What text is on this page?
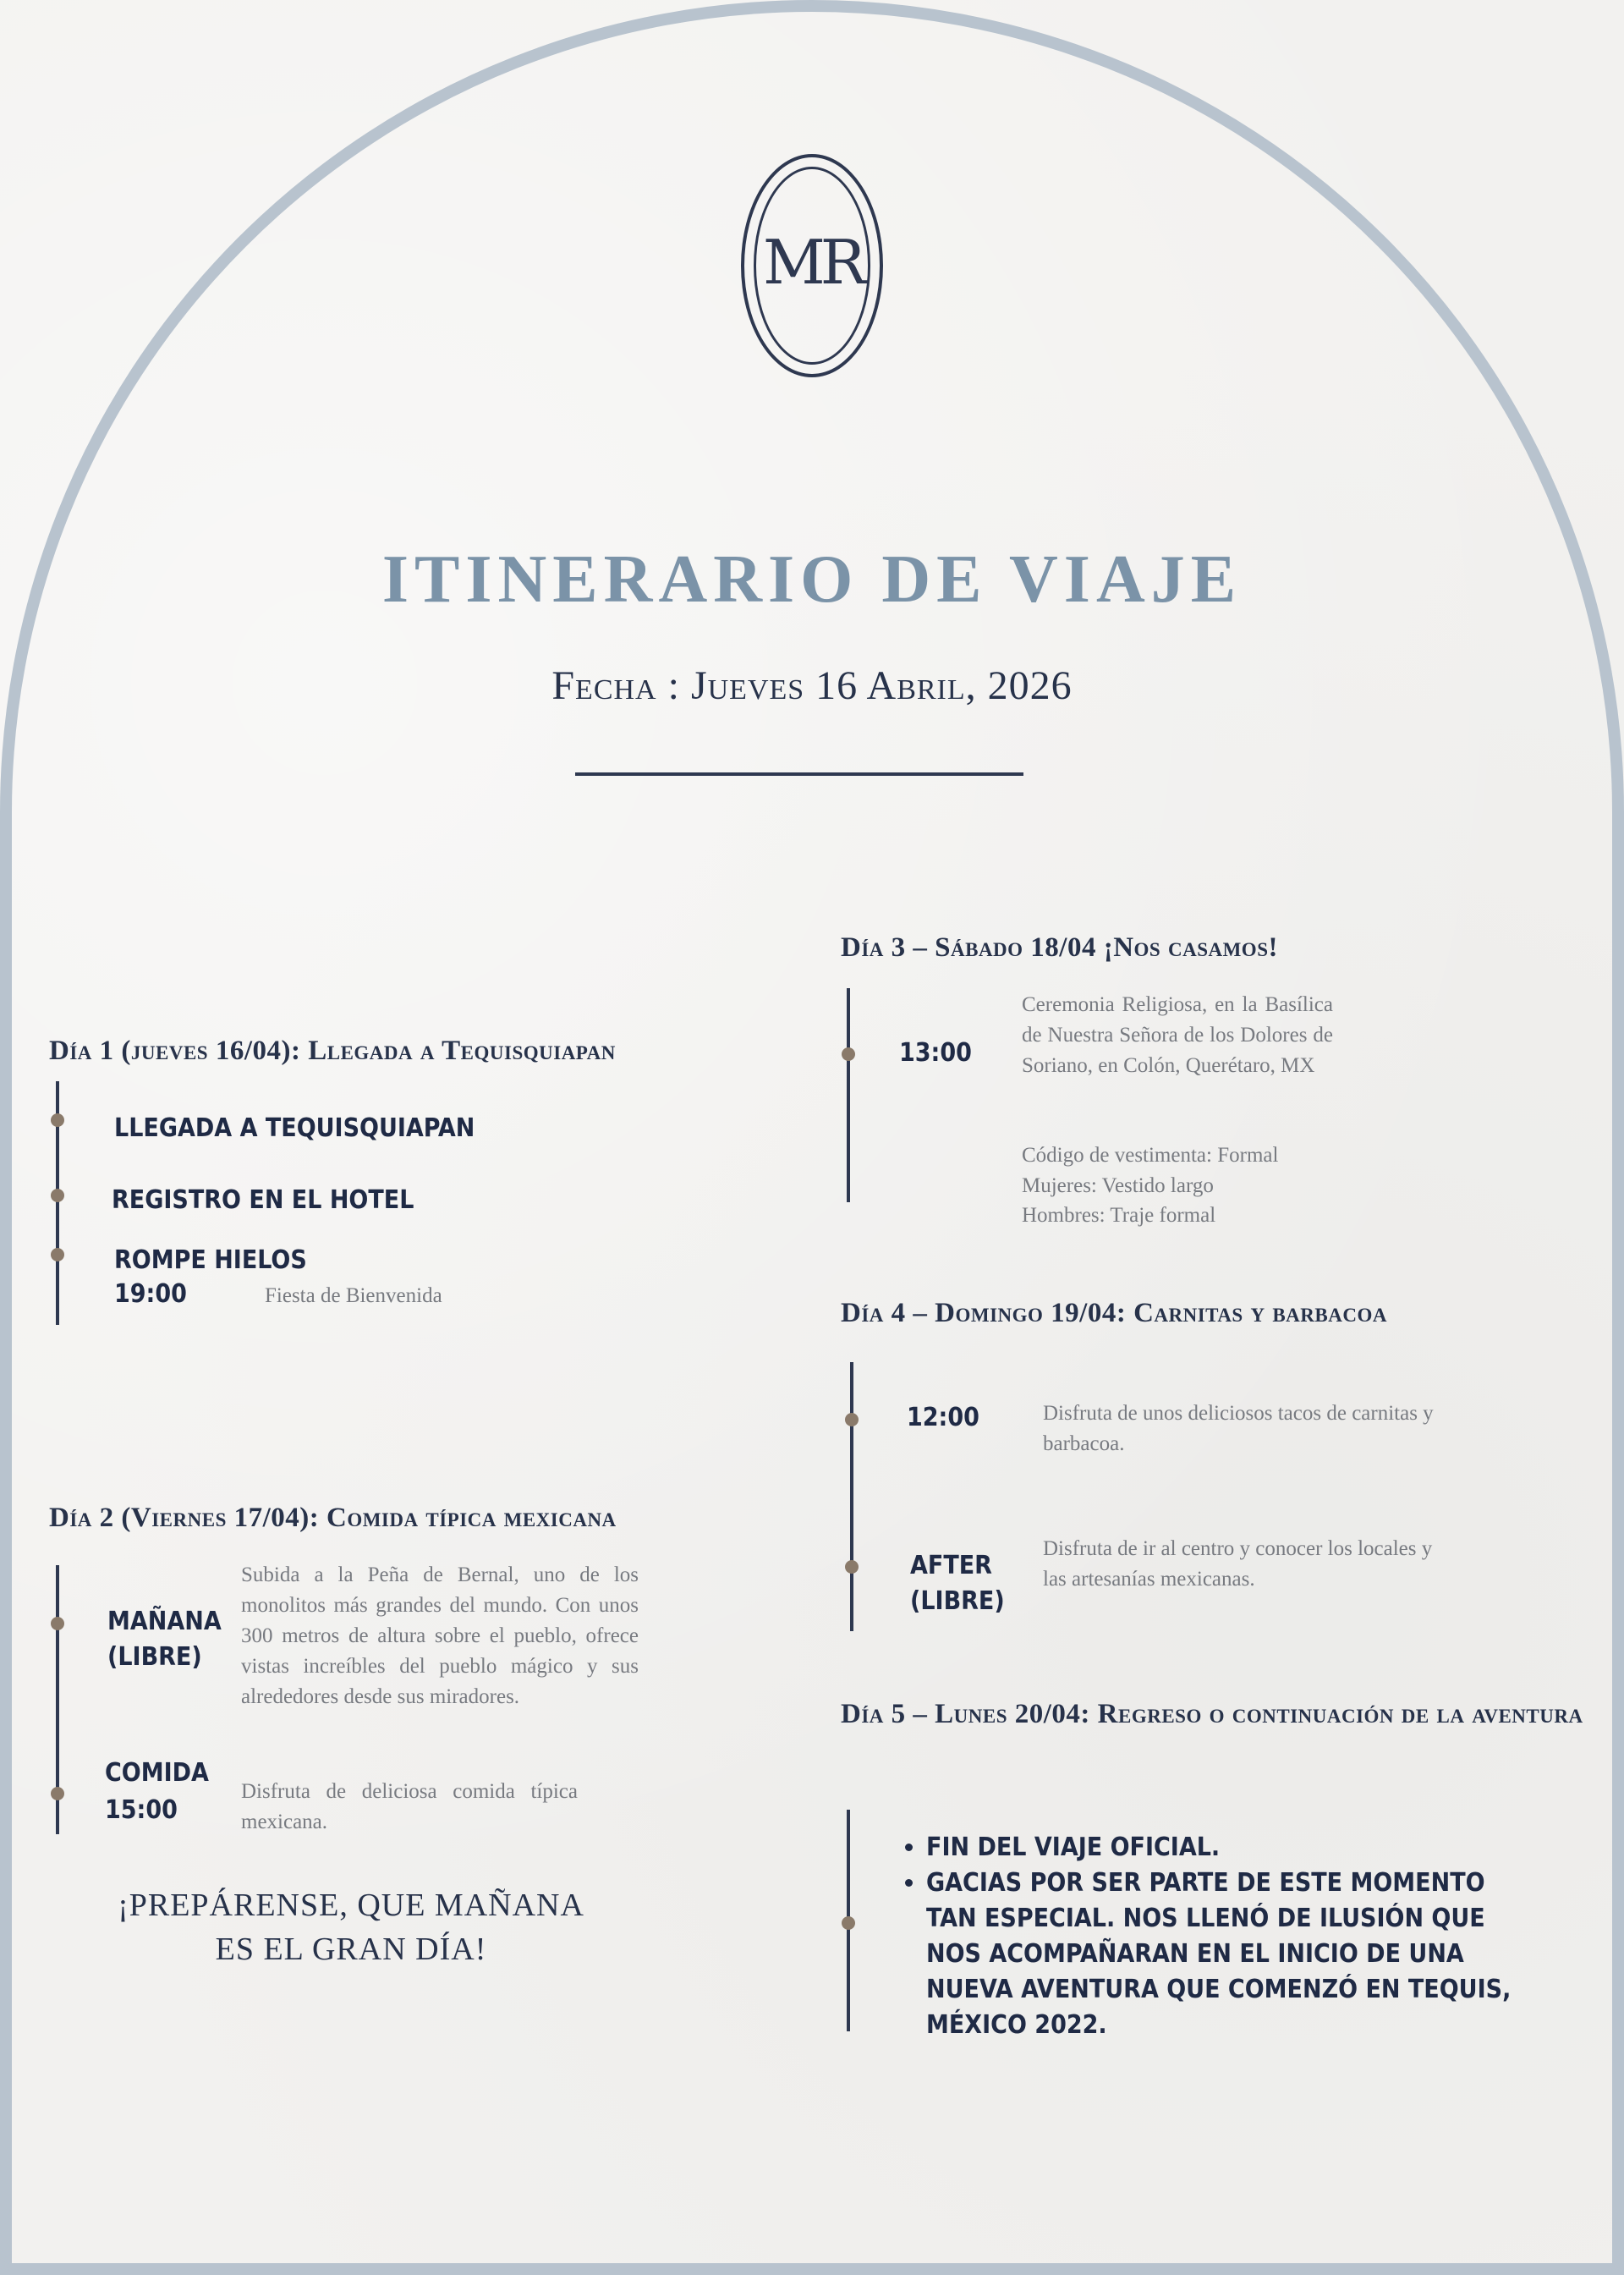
MR
ITINERARIO DE VIAJE
Fecha : Jueves 16 Abril, 2026
Día 1 (jueves 16/04): Llegada a Tequisquiapan
LLEGADA A TEQUISQUIAPAN
REGISTRO EN EL HOTEL
ROMPE HIELOS
19:00	Fiesta de Bienvenida
Día 2 (Viernes 17/04): Comida típica mexicana
MAÑANA (LIBRE)
Subida a la Peña de Bernal, uno de los monolitos más grandes del mundo. Con unos 300 metros de altura sobre el pueblo, ofrece vistas increíbles del pueblo mágico y sus alrededores desde sus miradores.
COMIDA
15:00
Disfruta de deliciosa comida típica mexicana.
¡PREPÁRENSE, QUE MAÑANA ES EL GRAN DÍA!
Día 3 – Sábado 18/04 ¡Nos casamos!
13:00
Ceremonia Religiosa, en la Basílica de Nuestra Señora de los Dolores de Soriano, en Colón, Querétaro, MX
Código de vestimenta: Formal
Mujeres: Vestido largo
Hombres: Traje formal
Día 4 – Domingo 19/04: Carnitas y barbacoa
12:00	Disfruta de unos deliciosos tacos de carnitas y barbacoa.
AFTER (LIBRE)
Disfruta de ir al centro y conocer los locales y las artesanías mexicanas.
Día 5 – Lunes 20/04: Regreso o continuación de la aventura
• FIN DEL VIAJE OFICIAL.
• GACIAS POR SER PARTE DE ESTE MOMENTO TAN ESPECIAL. NOS LLENÓ DE ILUSIÓN QUE NOS ACOMPAÑARAN EN EL INICIO DE UNA NUEVA AVENTURA QUE COMENZÓ EN TEQUIS, MÉXICO 2022.
